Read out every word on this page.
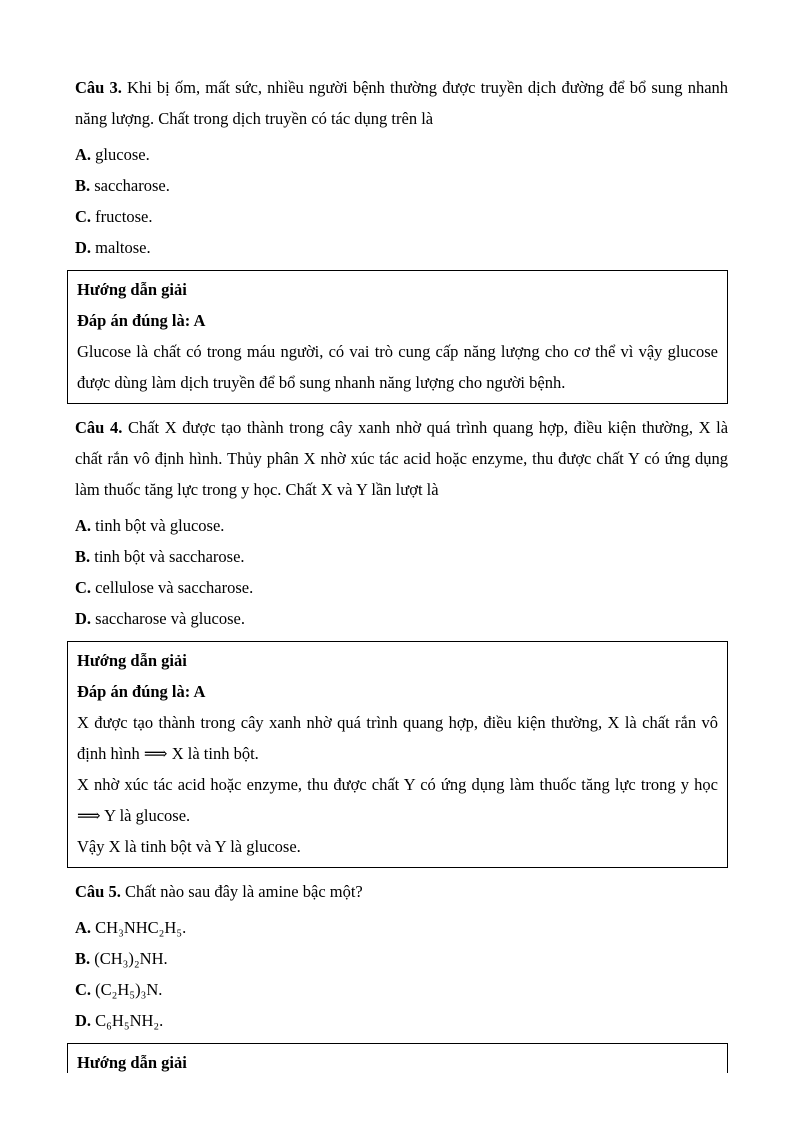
Câu 3. Khi bị ốm, mất sức, nhiều người bệnh thường được truyền dịch đường để bổ sung nhanh năng lượng. Chất trong dịch truyền có tác dụng trên là

A. glucose.

B. saccharose.

C. fructose.

D. maltose.

Hướng dẫn giải

Đáp án đúng là: A

Glucose là chất có trong máu người, có vai trò cung cấp năng lượng cho cơ thể vì vậy glucose được dùng làm dịch truyền để bổ sung nhanh năng lượng cho người bệnh.

Câu 4. Chất X được tạo thành trong cây xanh nhờ quá trình quang hợp, điều kiện thường, X là chất rắn vô định hình. Thủy phân X nhờ xúc tác acid hoặc enzyme, thu được chất Y có ứng dụng làm thuốc tăng lực trong y học. Chất X và Y lần lượt là

A. tinh bột và glucose.

B. tinh bột và saccharose.

C. cellulose và saccharose.

D. saccharose và glucose.

Hướng dẫn giải

Đáp án đúng là: A

X được tạo thành trong cây xanh nhờ quá trình quang hợp, điều kiện thường, X là chất rắn vô định hình ⟹ X là tinh bột.

X nhờ xúc tác acid hoặc enzyme, thu được chất Y có ứng dụng làm thuốc tăng lực trong y học ⟹ Y là glucose.

Vậy X là tinh bột và Y là glucose.

Câu 5. Chất nào sau đây là amine bậc một?

A. CH₃NHC₂H₅.

B. (CH₃)₂NH.

C. (C₂H₅)₃N.

D. C₆H₅NH₂.

Hướng dẫn giải
